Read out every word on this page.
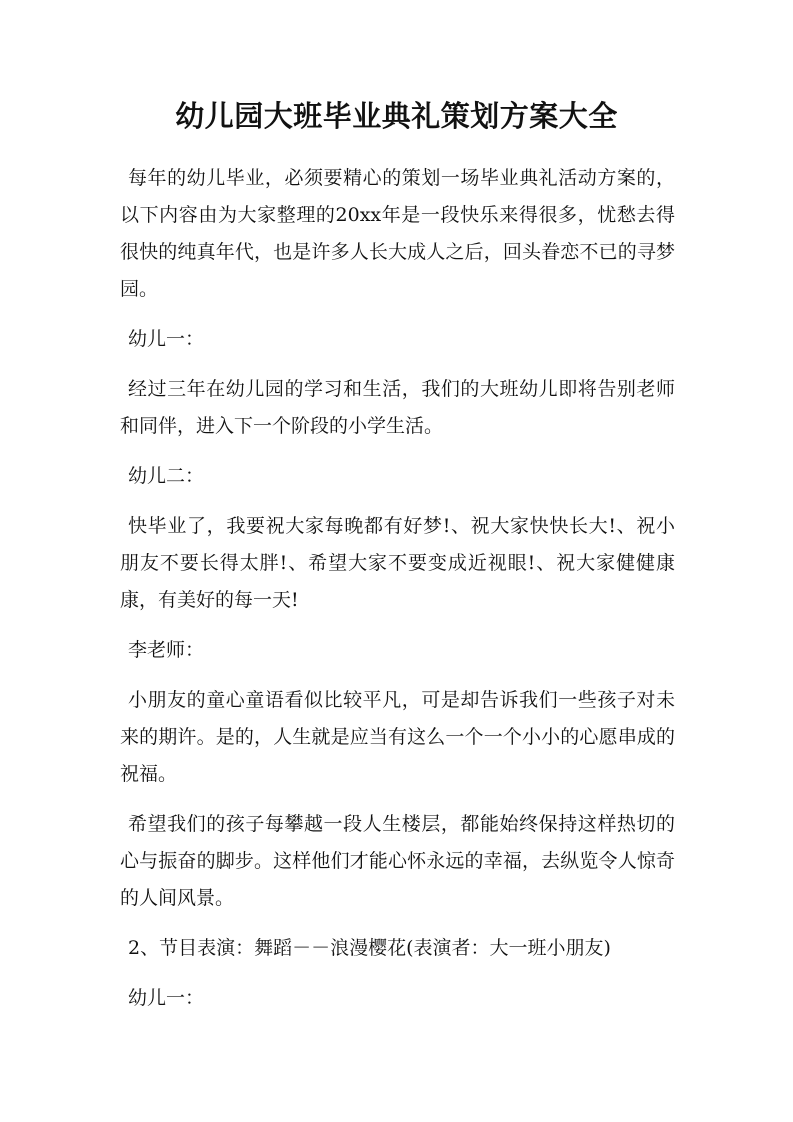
幼儿园大班毕业典礼策划方案大全

每年的幼儿毕业，必须要精心的策划一场毕业典礼活动方案的，以下内容由为大家整理的20xx年是一段快乐来得很多，忧愁去得很快的纯真年代，也是许多人长大成人之后，回头眷恋不已的寻梦园。

幼儿一：

经过三年在幼儿园的学习和生活，我们的大班幼儿即将告别老师和同伴，进入下一个阶段的小学生活。

幼儿二：

快毕业了，我要祝大家每晚都有好梦!、祝大家快快长大!、祝小朋友不要长得太胖!、希望大家不要变成近视眼!、祝大家健健康康，有美好的每一天!

李老师：

小朋友的童心童语看似比较平凡，可是却告诉我们一些孩子对未来的期许。是的，人生就是应当有这么一个一个小小的心愿串成的祝福。

希望我们的孩子每攀越一段人生楼层，都能始终保持这样热切的心与振奋的脚步。这样他们才能心怀永远的幸福，去纵览令人惊奇的人间风景。

2、节目表演：舞蹈－－浪漫樱花(表演者：大一班小朋友)

幼儿一：
